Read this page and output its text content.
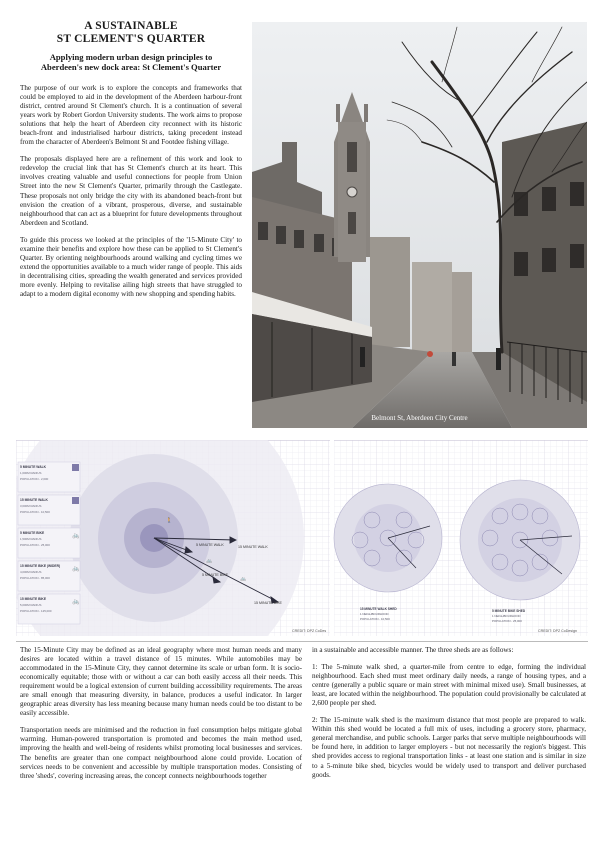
A SUSTAINABLE
ST CLEMENT'S QUARTER
Applying modern urban design principles to
Aberdeen's new dock area: St Clement's Quarter

The purpose of our work is to explore the concepts and frameworks that could be employed to aid in the development of the Aberdeen harbour-front district, centred around St Clement's church. It is a continuation of several years work by Robert Gordon University students. The work aims to propose solutions that help the heart of Aberdeen city reconnect with its historic beach-front and industrialised harbour districts, taking precedent instead from the character of Aberdeen's Belmont St and Footdee fishing village.

The proposals displayed here are a refinement of this work and look to redevelop the crucial link that has St Clement's church at its heart. This involves creating valuable and useful connections for people from Union Street into the new St Clement's Quarter, primarily through the Castlegate. These proposals not only bridge the city with its abandoned beach-front but envision the creation of a vibrant, prosperous, diverse, and sustainable neighbourhood that can act as a blueprint for future developments throughout Aberdeen and Scotland.

To guide this process we looked at the principles of the '15-Minute City' to examine their benefits and explore how these can be applied to St Clement's Quarter. By orienting neighbourhoods around walking and cycling times we extend the opportunities available to a much wider range of people. This aids in decentralising cities, spreading the wealth generated and services provided more evenly. Helping to revitalise ailing high streets that have struggled to adapt to a modern digital economy with new shopping and spending habits.

Belmont St, Aberdeen City Centre
5 MINUTE WALK	15 MINUTE WALK
5 MINUTE BIKE
15 MINUTE BIKE
🚶
🚲
🚲
5 MINUTE WALK
1,600M RADIUS
POPULATION - 2,600
15 MINUTE WALK
3,600M RADIUS
POPULATION - 10,500
🚲
5 MINUTE BIKE
1,500M RADIUS
POPULATION - 25,000
🚲
15 MINUTE BIKE (WIDER)
4,000M RADIUS
POPULATION - 85,000
🚲
15 MINUTE BIKE
5,000M RADIUS
POPULATION - 125,000
CREDIT: DPZ CoDes
15 MINUTE WALK SHED
1 NEIGHBOURHOOD
POPULATION - 10,500
5 MINUTE BIKE SHED
1 NEIGHBOURHOOD
POPULATION - 25,000
CREDIT: DPZ CoDesign

The 15-Minute City may be defined as an ideal geography where most human needs and many desires are located within a travel distance of 15 minutes. While automobiles may be accommodated in the 15-Minute City, they cannot determine its scale or urban form. It is socio-economically equitable; those with or without a car can both easily access all their needs. This requirement would be a logical extension of current building accessibility requirements. The areas are small enough that measuring diversity, in balance, produces a useful indicator. In larger geographic areas diversity has less meaning because many human needs could be too distant to be easily accessible.

Transportation needs are minimised and the reduction in fuel consumption helps mitigate global warming. Human-powered transportation is promoted and becomes the main method used, improving the health and well-being of residents whilst promoting local businesses and services. The benefits are greater than one compact neighbourhood alone could provide. Location of services needs to be convenient and accessible by multiple transportation modes. Consisting of three 'sheds', covering increasing areas, the concept connects neighbourhoods together

in a sustainable and accessible manner. The three sheds are as follows:

1: The 5-minute walk shed, a quarter-mile from centre to edge, forming the individual neighbourhood. Each shed must meet ordinary daily needs, a range of housing types, and a centre (generally a public square or main street with minimal mixed use). Small businesses, at least, are located within the neighbourhood. The population could provisionally be calculated at 2,600 people per shed.

2: The 15-minute walk shed is the maximum distance that most people are prepared to walk. Within this shed would be located a full mix of uses, including a grocery store, pharmacy, general merchandise, and public schools. Larger parks that serve multiple neighbourhoods will be found here, in addition to larger employers - but not necessarily the region's biggest. This shed provides access to regional transportation links - at least one station and is similar in size to a 5-minute bike shed, bicycles would be widely used to transport and deliver purchased goods.
